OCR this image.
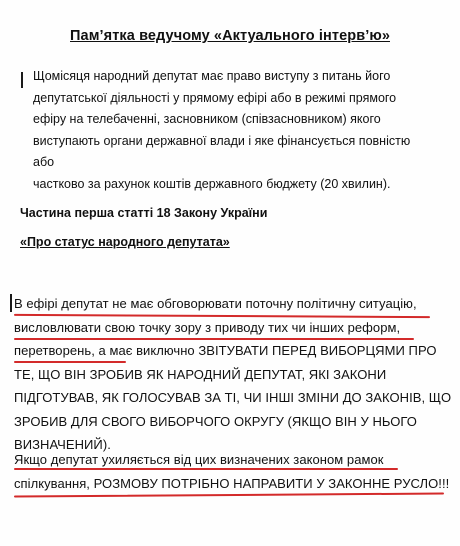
Пам’ятка ведучому «Актуального інтерв’ю»
Щомісяця народний депутат має право виступу з питань його
депутатської діяльності у прямому ефірі або в режимі прямого
ефіру на телебаченні, засновником (співзасновником) якого
виступають органи державної влади і яке фінансується повністю або
частково за рахунок коштів державного бюджету (20 хвилин).
Частина перша статті 18 Закону України
«Про статус народного депутата»
В ефірі депутат не має обговорювати поточну політичну ситуацію,
висловлювати свою точку зору з приводу тих чи інших реформ,
перетворень, а має виключно ЗВІТУВАТИ ПЕРЕД ВИБОРЦЯМИ ПРО
ТЕ, ЩО ВІН ЗРОБИВ ЯК НАРОДНИЙ ДЕПУТАТ, ЯКІ ЗАКОНИ
ПІДГОТУВАВ, ЯК ГОЛОСУВАВ ЗА ТІ, ЧИ ІНШІ ЗМІНИ ДО ЗАКОНІВ, ЩО
ЗРОБИВ ДЛЯ СВОГО ВИБОРЧОГО ОКРУГУ (ЯКЩО ВІН У НЬОГО
ВИЗНАЧЕНИЙ).
Якщо депутат ухиляється від цих визначених законом рамок
спілкування, РОЗМОВУ ПОТРІБНО НАПРАВИТИ У ЗАКОННЕ РУСЛО!!!
